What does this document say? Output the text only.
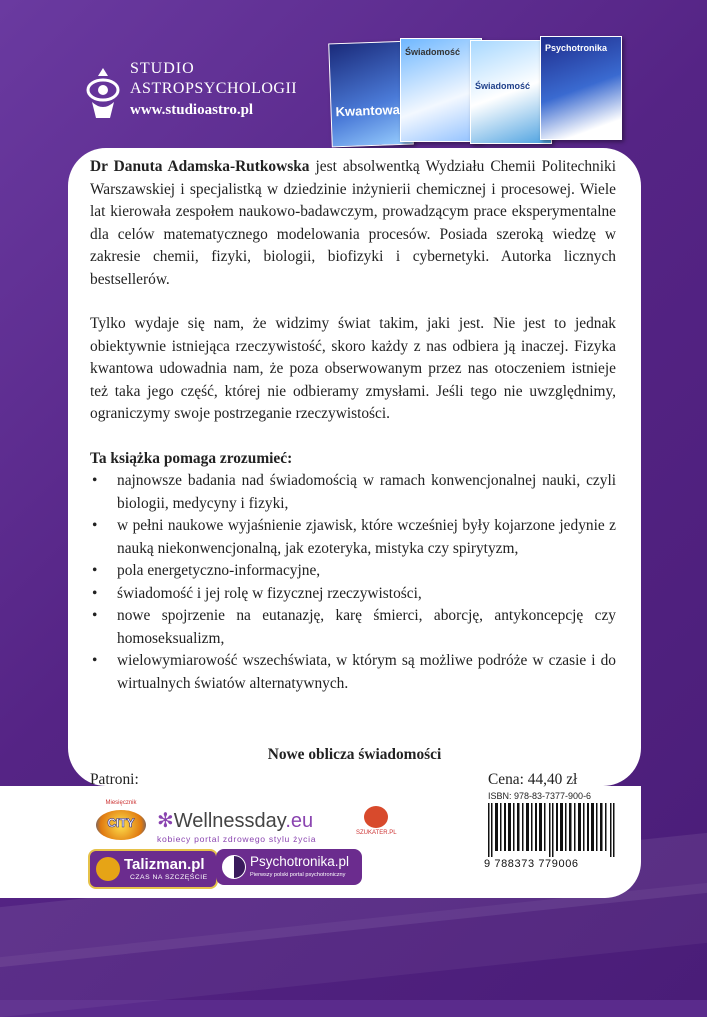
STUDIO
ASTROPSYCHOLOGII
www.studioastro.pl	Kwantowa
Świadomość
Świadomość
Psychotronika

Dr Danuta Adamska-Rutkowska jest absolwentką Wydziału Chemii Politechniki Warszawskiej i specjalistką w dziedzinie inżynierii chemicznej i procesowej. Wiele lat kierowała zespołem naukowo-badawczym, prowadzącym prace eksperymentalne dla celów matematycznego modelowania procesów. Posiada szeroką wiedzę w zakresie chemii, fizyki, biologii, biofizyki i cybernetyki. Autorka licznych bestsellerów.

Tylko wydaje się nam, że widzimy świat takim, jaki jest. Nie jest to jednak obiektywnie istniejąca rzeczywistość, skoro każdy z nas odbiera ją inaczej. Fizyka kwantowa udowadnia nam, że poza obserwowanym przez nas otoczeniem istnieje też taka jego część, której nie odbieramy zmysłami. Jeśli tego nie uwzględnimy, ograniczymy swoje postrzeganie rzeczywistości.

Ta książka pomaga zrozumieć:

• najnowsze badania nad świadomością w ramach konwencjonalnej nauki, czyli biologii, medycyny i fizyki,
• w pełni naukowe wyjaśnienie zjawisk, które wcześniej były kojarzone jedynie z nauką niekonwencjonalną, jak ezoteryka, mistyka czy spirytyzm,
• pola energetyczno-informacyjne,
• świadomość i jej rolę w fizycznej rzeczywistości,
• nowe spojrzenie na eutanazję, karę śmierci, aborcję, antykoncepcję czy homoseksualizm,
• wielowymiarowość wszechświata, w którym są możliwe podróże w czasie i do wirtualnych światów alternatywnych.
Nowe oblicza świadomości
Patroni:	Cena: 44,40 zł
ISBN: 978-83-7377-900-6
9 788373 779006
Miesięcznik
CITY	✻Wellnessday.eu
kobiecy portal zdrowego stylu życia
SZUKATER.PL
Talizman.pl
CZAS NA SZCZĘŚCIE
Psychotronika.pl
Pierwszy polski portal psychotroniczny
